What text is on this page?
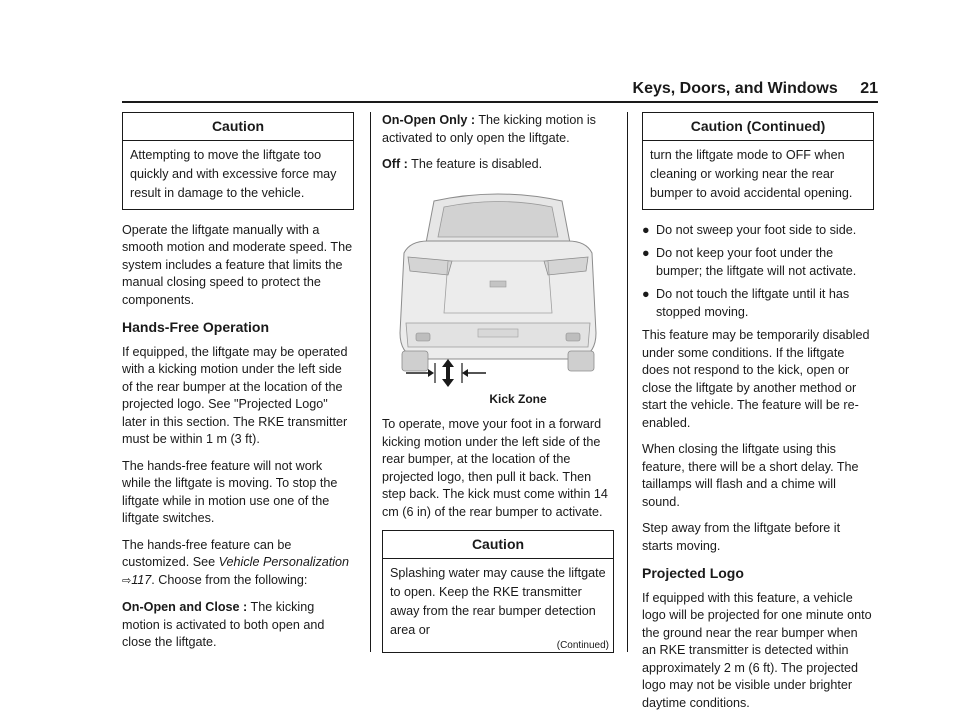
Keys, Doors, and Windows 21
Caution
Attempting to move the liftgate too quickly and with excessive force may result in damage to the vehicle.

Operate the liftgate manually with a smooth motion and moderate speed. The system includes a feature that limits the manual closing speed to protect the components.

Hands-Free Operation

If equipped, the liftgate may be operated with a kicking motion under the left side of the rear bumper at the location of the projected logo. See "Projected Logo" later in this section. The RKE transmitter must be within 1 m (3 ft).

The hands-free feature will not work while the liftgate is moving. To stop the liftgate while in motion use one of the liftgate switches.

The hands-free feature can be customized. See Vehicle Personalization ⇨117. Choose from the following:

On-Open and Close : The kicking motion is activated to both open and close the liftgate.

On-Open Only : The kicking motion is activated to only open the liftgate.

Off : The feature is disabled.

Kick Zone

To operate, move your foot in a forward kicking motion under the left side of the rear bumper, at the location of the projected logo, then pull it back. Then step back. The kick must come within 14 cm (6 in) of the rear bumper to activate.

Caution
Splashing water may cause the liftgate to open. Keep the RKE transmitter away from the rear bumper detection area or
(Continued)
Caution (Continued)
turn the liftgate mode to OFF when cleaning or working near the rear bumper to avoid accidental opening.
● Do not sweep your foot side to side.
● Do not keep your foot under the bumper; the liftgate will not activate.
● Do not touch the liftgate until it has stopped moving.

This feature may be temporarily disabled under some conditions. If the liftgate does not respond to the kick, open or close the liftgate by another method or start the vehicle. The feature will be re-enabled.

When closing the liftgate using this feature, there will be a short delay. The taillamps will flash and a chime will sound.

Step away from the liftgate before it starts moving.

Projected Logo

If equipped with this feature, a vehicle logo will be projected for one minute onto the ground near the rear bumper when an RKE transmitter is detected within approximately 2 m (6 ft). The projected logo may not be visible under brighter daytime conditions.
